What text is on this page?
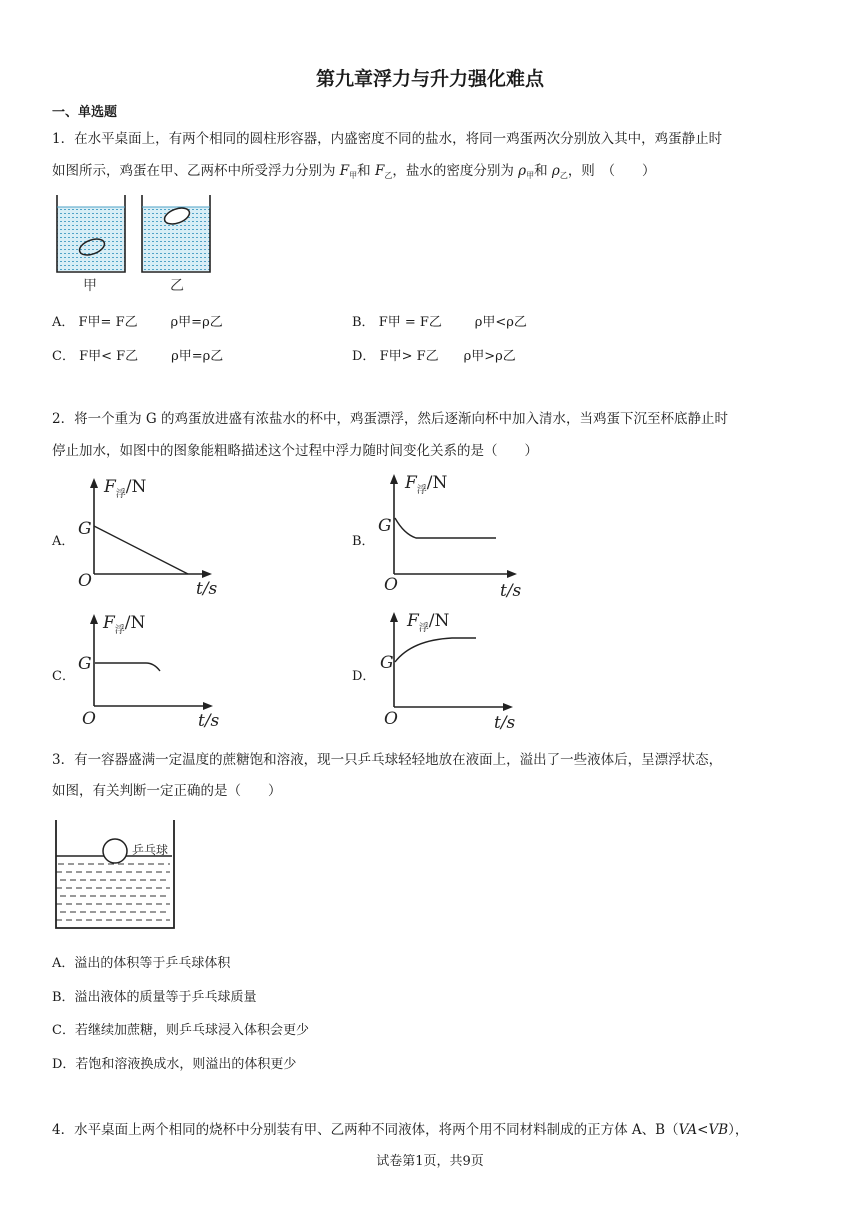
第九章浮力与升力强化难点
一、单选题
1．在水平桌面上，有两个相同的圆柱形容器，内盛密度不同的盐水，将同一鸡蛋两次分别放入其中，鸡蛋静止时
如图所示，鸡蛋在甲、乙两杯中所受浮力分别为 $F_甲$和 $F_乙$，盐水的密度分别为 $\rho_甲$和 $\rho_乙$，则　（　　）
甲	乙
A． F甲= F乙	ρ甲=ρ乙	B． F甲 = F乙	ρ甲<ρ乙
C． F甲< F乙	ρ甲=ρ乙	D． F甲> F乙 ρ甲>ρ乙
2．将一个重为 G 的鸡蛋放进盛有浓盐水的杯中，鸡蛋漂浮，然后逐渐向杯中加入清水，当鸡蛋下沉至杯底静止时
停止加水，如图中的图象能粗略描述这个过程中浮力随时间变化关系的是（　　）
A．
$F_浮/N$
G
O	t/s
B．
$F_浮/N$
G
O	t/s
C．
$F_浮/N$
G
O	t/s
D．
$F_浮/N$
G
O	t/s
3．有一容器盛满一定温度的蔗糖饱和溶液，现一只乒乓球轻轻地放在液面上，溢出了一些液体后，呈漂浮状态，
如图，有关判断一定正确的是（　　）
乒乓球
A．溢出的体积等于乒乓球体积
B．溢出液体的质量等于乒乓球质量
C．若继续加蔗糖，则乒乓球浸入体积会更少
D．若饱和溶液换成水，则溢出的体积更少
4．水平桌面上两个相同的烧杯中分别装有甲、乙两种不同液体，将两个用不同材料制成的正方体 A、B（VA<VB），
试卷第1页，共9页
